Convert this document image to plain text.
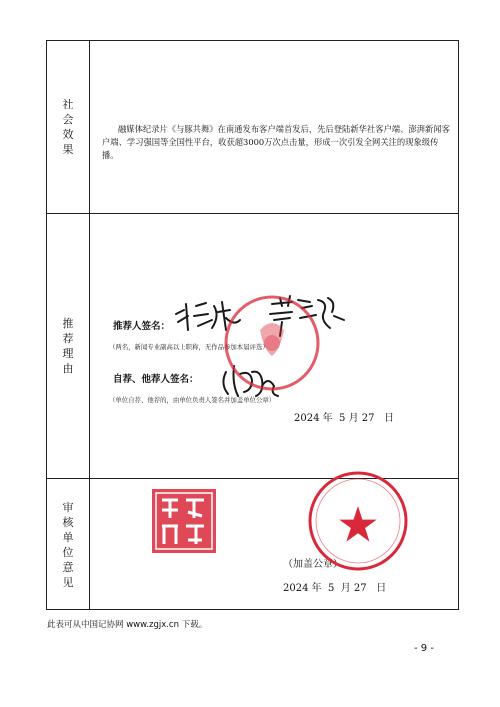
社会效果
融媒体纪录片《与豚共舞》在南通发布客户端首发后，先后登陆新华社客户端、澎湃新闻客户端、学习强国等全国性平台，收获超3000万次点击量，形成一次引发全网关注的现象级传播。
推荐理由
推荐人签名：
（两名，新闻专业副高以上职称，无作品参加本届评选）
自荐、他荐人签名：
（单位自荐、他荐的，由单位负责人签名并加盖单位公章）
2024 年 5 月 27 日
审核单位意见
（加盖公章）
2024 年 5 月 27 日
此表可从中国记协网 www.zgjx.cn 下载。
- 9 -
